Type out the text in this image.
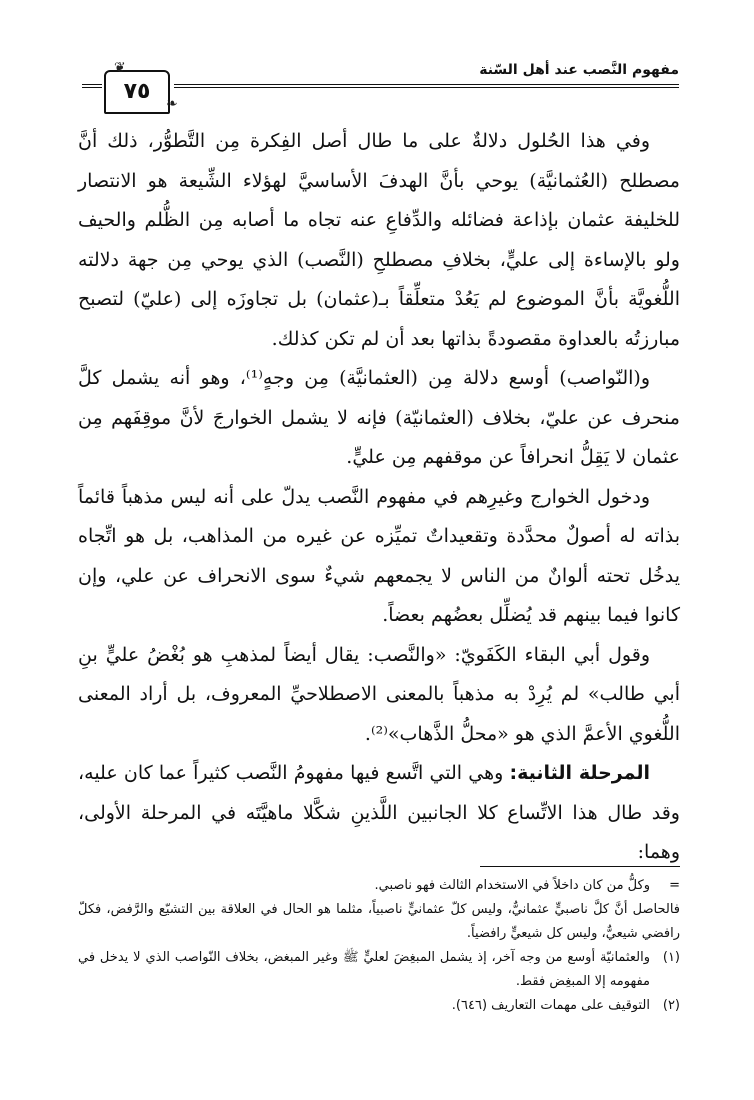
مفهوم النَّصب عند أهل السّنة
٧٥
❦
❧

وفي هذا الحُلول دلالةٌ على ما طال أصل الفِكرة مِن التَّطوُّر، ذلك أنَّ مصطلح (العُثمانيَّة) يوحي بأنَّ الهدفَ الأساسيَّ لهؤلاء الشِّيعة هو الانتصار للخليفة عثمان بإذاعة فضائله والدِّفاعِ عنه تجاه ما أصابه مِن الظُّلم والحيف ولو بالإساءة إلى عليٍّ، بخلافِ مصطلحِ (النَّصب) الذي يوحي مِن جهة دلالته اللُّغويَّة بأنَّ الموضوع لم يَعُدْ متعلِّقاً بـ(عثمان) بل تجاوزَه إلى (عليّ) لتصبح مبارزتُه بالعداوة مقصودةً بذاتها بعد أن لم تكن كذلك.

و(النّواصب) أوسع دلالة مِن (العثمانيَّة) مِن وجهٍ⁽¹⁾، وهو أنه يشمل كلَّ منحرف عن عليّ، بخلاف (العثمانيّة) فإنه لا يشمل الخوارجَ لأنَّ موقِفَهم مِن عثمان لا يَقِلُّ انحرافاً عن موقفهم مِن عليٍّ.

ودخول الخوارج وغيرِهم في مفهوم النَّصب يدلّ على أنه ليس مذهباً قائماً بذاته له أصولٌ محدَّدة وتقعيداتٌ تميِّزه عن غيره من المذاهب، بل هو اتِّجاه يدخُل تحته ألوانٌ من الناس لا يجمعهم شيءٌ سوى الانحراف عن علي، وإن كانوا فيما بينهم قد يُضلِّل بعضُهم بعضاً.

وقول أبي البقاء الكَفَويّ: «والنَّصب: يقال أيضاً لمذهبِ هو بُغْضُ عليٍّ بنِ أبي طالب» لم يُرِدْ به مذهباً بالمعنى الاصطلاحيِّ المعروف، بل أراد المعنى اللُّغوي الأعمَّ الذي هو «محلُّ الذَّهاب»⁽²⁾.

المرحلة الثانية: وهي التي اتَّسع فيها مفهومُ النَّصب كثيراً عما كان عليه، وقد طال هذا الاتِّساع كلا الجانبين اللَّذينِ شكَّلا ماهيَّتَه في المرحلة الأولى، وهما:

=
وكلُّ من كان داخلاً في الاستخدام الثالث فهو ناصبي.

فالحاصل أنَّ كلَّ ناصبيٍّ عثمانيٌّ، وليس كلّ عثمانيٍّ ناصبياً، مثلما هو الحال في العلاقة بين التشيّع والرَّفض، فكلّ رافضي شيعيٌّ، وليس كل شيعيٍّ رافضياً.

(١)
والعثمانيّة أوسع من وجه آخر، إذ يشمل المبغِضَ لعليٍّ ﷺ وغير المبغض، بخلاف النّواصب الذي لا يدخل في مفهومه إلا المبغِض فقط.

(٢)
التوقيف على مهمات التعاريف (٦٤٦).
